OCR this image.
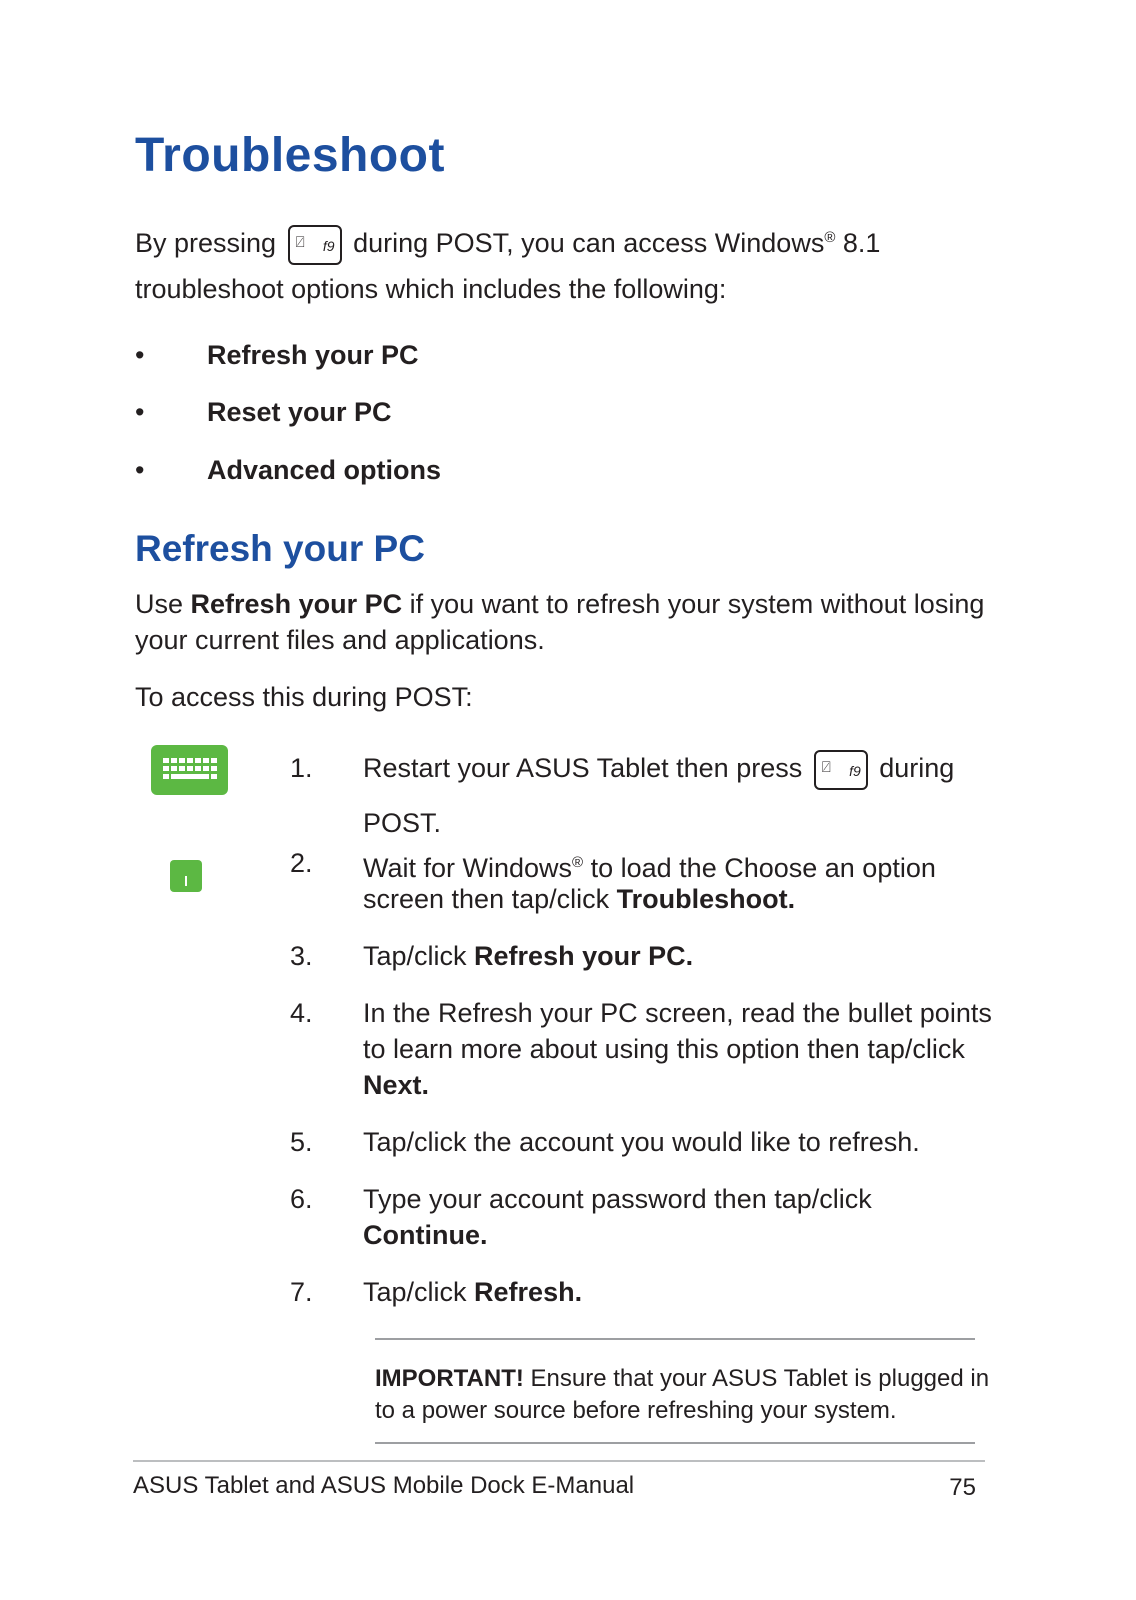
Troubleshoot
By pressing	f9
⍁ during POST, you can access Windows® 8.1
troubleshoot options which includes the following:
• Refresh your PC
• Reset your PC
• Advanced options
Refresh your PC
Use Refresh your PC if you want to refresh your system without losing
your current files and applications.
To access this during POST:
1. Restart your ASUS Tablet then press	f9
⍁ during
POST.
2. Wait for Windows® to load the Choose an option
screen then tap/click Troubleshoot.
3. Tap/click Refresh your PC.
4. In the Refresh your PC screen, read the bullet points
to learn more about using this option then tap/click
Next.
5. Tap/click the account you would like to refresh.
6. Type your account password then tap/click
Continue.
7. Tap/click Refresh.
IMPORTANT! Ensure that your ASUS Tablet is plugged in
to a power source before refreshing your system.
ASUS Tablet and ASUS Mobile Dock E-Manual	75
